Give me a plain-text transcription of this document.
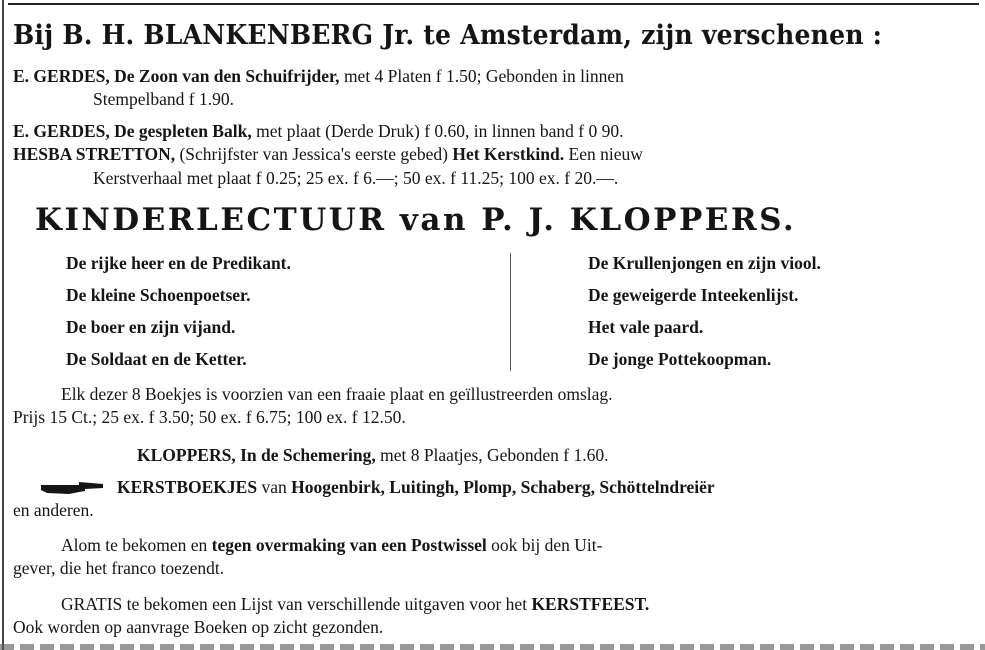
Bij B. H. BLANKENBERG Jr. te Amsterdam, zijn verschenen :
E. GERDES, De Zoon van den Schuifrijder, met 4 Platen f 1.50; Gebonden in linnen
Stempelband f 1.90.
E. GERDES, De gespleten Balk, met plaat (Derde Druk) f 0.60, in linnen band f 0 90.
HESBA STRETTON, (Schrijfster van Jessica's eerste gebed) Het Kerstkind. Een nieuw
Kerstverhaal met plaat f 0.25; 25 ex. f 6.—; 50 ex. f 11.25; 100 ex. f 20.—.
KINDERLECTUUR van P. J. KLOPPERS.
De rijke heer en de Predikant.
De kleine Schoenpoetser.
De boer en zijn vijand.
De Soldaat en de Ketter.
De Krullenjongen en zijn viool.
De geweigerde Inteekenlijst.
Het vale paard.
De jonge Pottekoopman.
Elk dezer 8 Boekjes is voorzien van een fraaie plaat en geïllustreerden omslag.
Prijs 15 Ct.; 25 ex. f 3.50; 50 ex. f 6.75; 100 ex. f 12.50.
KLOPPERS, In de Schemering, met 8 Plaatjes, Gebonden f 1.60.
KERSTBOEKJES van Hoogenbirk, Luitingh, Plomp, Schaberg, Schöttelndreiër
en anderen.
Alom te bekomen en tegen overmaking van een Postwissel ook bij den Uit-
gever, die het franco toezendt.
GRATIS te bekomen een Lijst van verschillende uitgaven voor het KERSTFEEST.
Ook worden op aanvrage Boeken op zicht gezonden.
